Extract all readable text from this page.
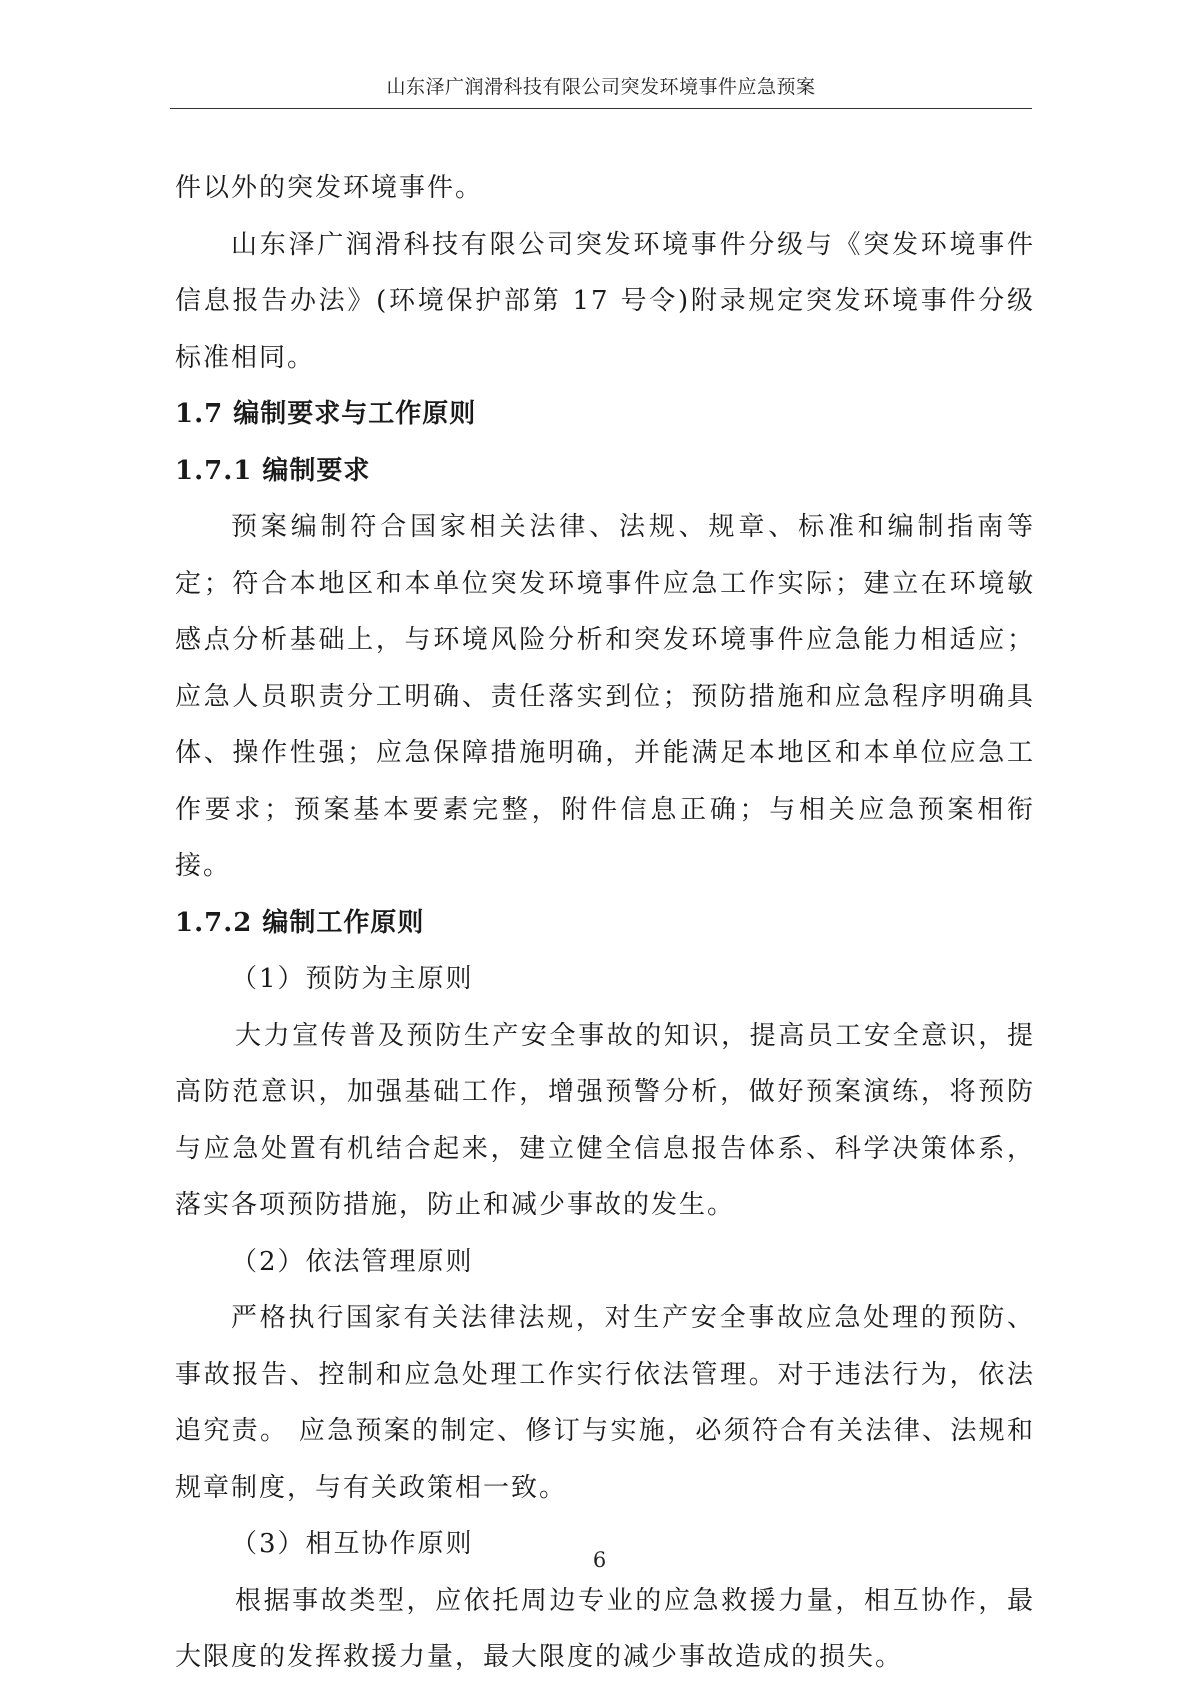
山东泽广润滑科技有限公司突发环境事件应急预案

件以外的突发环境事件。

山东泽广润滑科技有限公司突发环境事件分级与《突发环境事件信息报告办法》(环境保护部第 17 号令)附录规定突发环境事件分级标准相同。

1.7 编制要求与工作原则

1.7.1 编制要求

预案编制符合国家相关法律、法规、规章、标准和编制指南等定；符合本地区和本单位突发环境事件应急工作实际；建立在环境敏感点分析基础上，与环境风险分析和突发环境事件应急能力相适应；应急人员职责分工明确、责任落实到位；预防措施和应急程序明确具体、操作性强；应急保障措施明确，并能满足本地区和本单位应急工作要求；预案基本要素完整，附件信息正确；与相关应急预案相衔接。

1.7.2 编制工作原则

（1）预防为主原则

大力宣传普及预防生产安全事故的知识，提高员工安全意识，提高防范意识，加强基础工作，增强预警分析，做好预案演练，将预防与应急处置有机结合起来，建立健全信息报告体系、科学决策体系，落实各项预防措施，防止和减少事故的发生。

（2）依法管理原则

严格执行国家有关法律法规，对生产安全事故应急处理的预防、事故报告、控制和应急处理工作实行依法管理。对于违法行为，依法追究责。 应急预案的制定、修订与实施，必须符合有关法律、法规和规章制度，与有关政策相一致。

（3）相互协作原则

根据事故类型，应依托周边专业的应急救援力量，相互协作，最大限度的发挥救援力量，最大限度的减少事故造成的损失。

6
